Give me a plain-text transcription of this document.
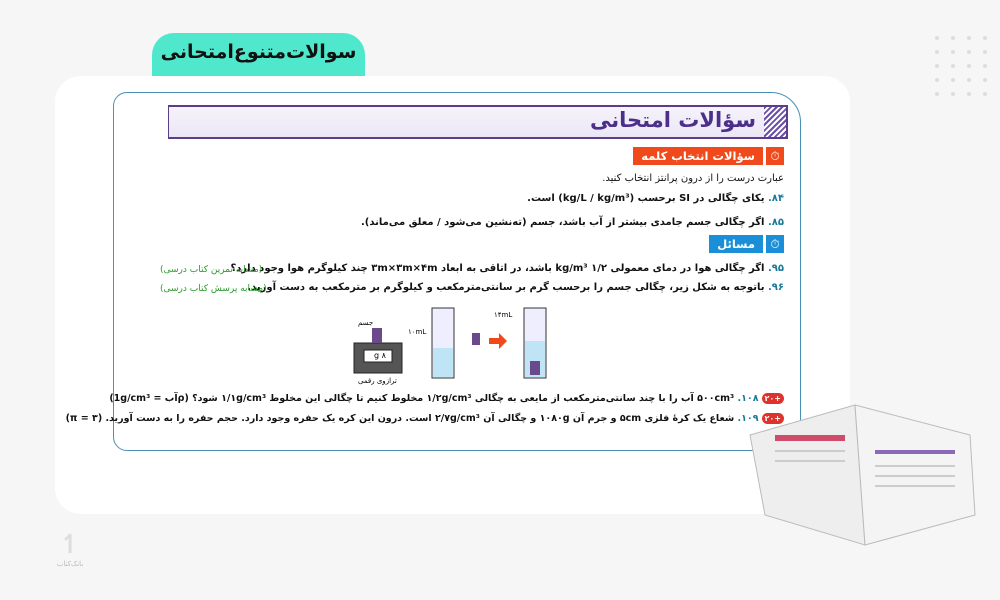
سوالات‌متنوع‌امتحانی
سؤالات امتحانی
⏱
سؤالات انتخاب کلمه
عبارت درست را از درون پرانتز انتخاب کنید.
۸۴. یکای چگالی در SI برحسب (kg/L / kg/m³) است.
۸۵. اگر چگالی جسم جامدی بیشتر از آب باشد، جسم (ته‌نشین می‌شود / معلق می‌ماند).
⏱
مسائل
۹۵. اگر چگالی هوا در دمای معمولی ۱/۲ kg/m³ باشد، در اتاقی به ابعاد ۳m×۳m×۴m چند کیلوگرم هوا وجود دارد؟
(مشابه تمرین کتاب درسی)
۹۶. باتوجه به شکل زیر، چگالی جسم را برحسب گرم بر سانتی‌مترمکعب و کیلوگرم بر مترمکعب به دست آورید.
(مشابه پرسش کتاب درسی)
جسم
۸ g
ترازوی رقمی
۱۰mL
۱۴mL
+۲۰۱۰۸. ۵۰۰cm³ آب را با چند سانتی‌مترمکعب از مایعی به چگالی ۱/۲g/cm³ مخلوط کنیم تا چگالی این مخلوط ۱/۱g/cm³ شود؟ (ρآب = 1g/cm³)
+۲۰۱۰۹. شعاع یک کرهٔ فلزی ۵cm و جرم آن ۱۰۸۰g و چگالی آن ۲/۷g/cm³ است. درون این کره یک حفره وجود دارد. حجم حفره را به دست آورید. (π = ۳)
↿
بانک‌کتاب
